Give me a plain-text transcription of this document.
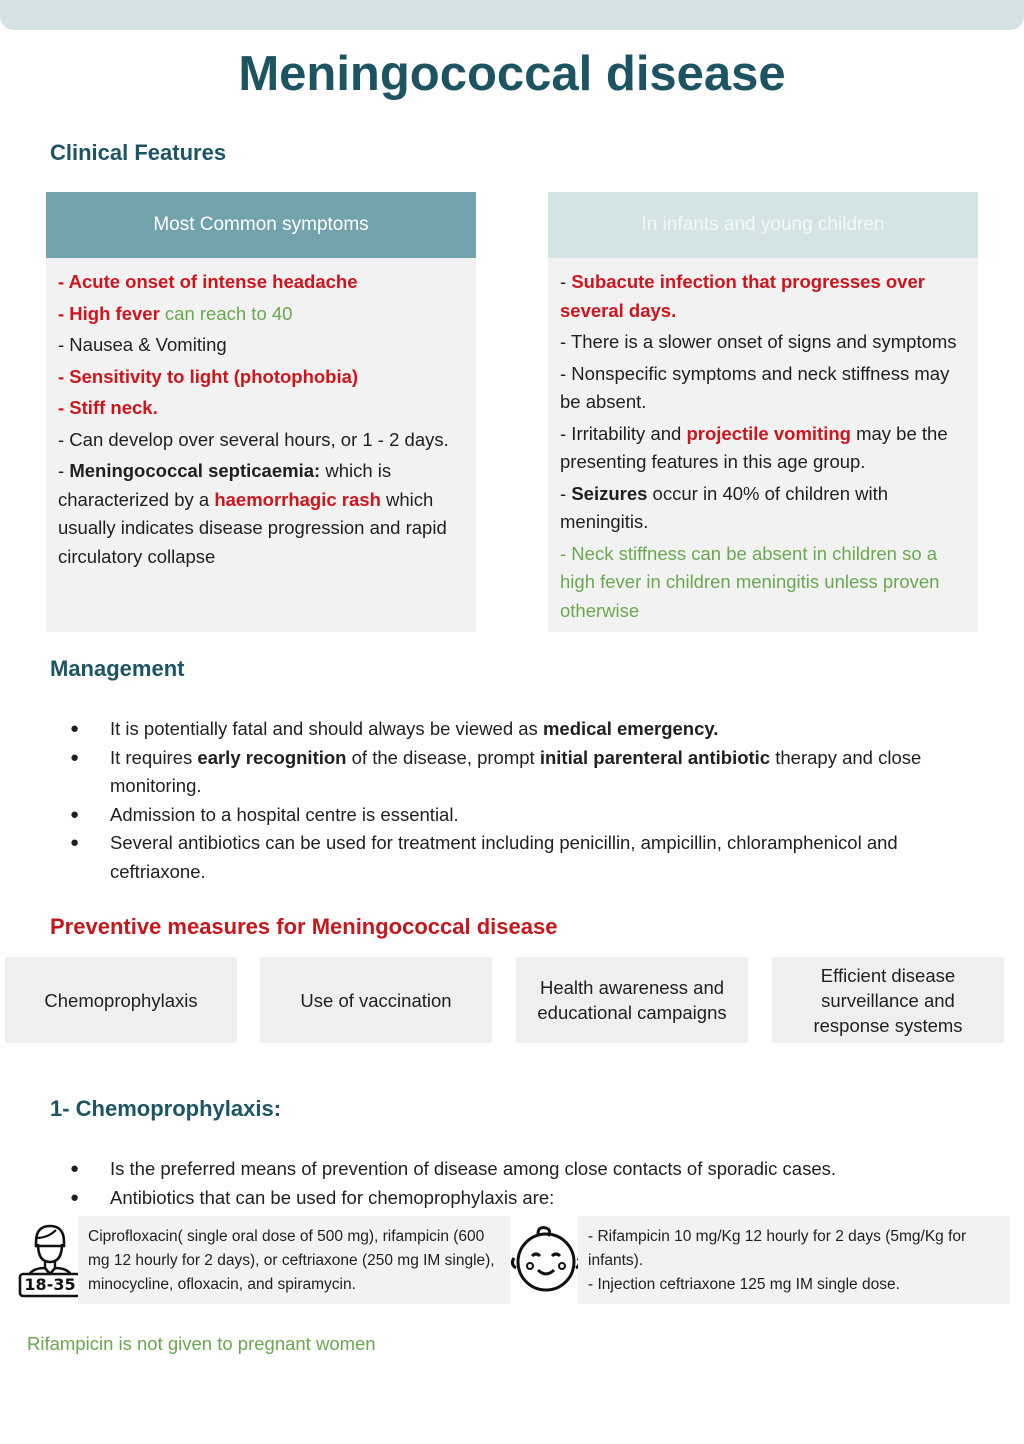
Meningococcal disease
Clinical Features
Most Common symptoms

- Acute onset of intense headache

- High fever can reach to 40

- Nausea & Vomiting

- Sensitivity to light (photophobia)

- Stiff neck.

- Can develop over several hours, or 1 - 2 days.

- Meningococcal septicaemia: which is characterized by a haemorrhagic rash which usually indicates disease progression and rapid circulatory collapse

In infants and young children

- Subacute infection that progresses over several days.

- There is a slower onset of signs and symptoms

- Nonspecific symptoms and neck stiffness may be absent.

- Irritability and projectile vomiting may be the presenting features in this age group.

- Seizures occur in 40% of children with meningitis.

- Neck stiffness can be absent in children so a high fever in children meningitis unless proven otherwise

Management
● It is potentially fatal and should always be viewed as medical emergency.
● It requires early recognition of the disease, prompt initial parenteral antibiotic therapy and close monitoring.
● Admission to a hospital centre is essential.
● Several antibiotics can be used for treatment including penicillin, ampicillin, chloramphenicol and ceftriaxone.
Preventive measures for Meningococcal disease
Chemoprophylaxis	Use of vaccination
Health awareness and educational campaigns
Efficient disease surveillance and response systems
1- Chemoprophylaxis:
● Is the preferred means of prevention of disease among close contacts of sporadic cases.
● Antibiotics that can be used for chemoprophylaxis are:
18-35
Ciprofloxacin( single oral dose of 500 mg), rifampicin (600 mg 12 hourly for 2 days), or ceftriaxone (250 mg IM single), minocycline, ofloxacin, and spiramycin.
- Rifampicin 10 mg/Kg 12 hourly for 2 days (5mg/Kg for infants).
- Injection ceftriaxone 125 mg IM single dose.
Rifampicin is not given to pregnant women
